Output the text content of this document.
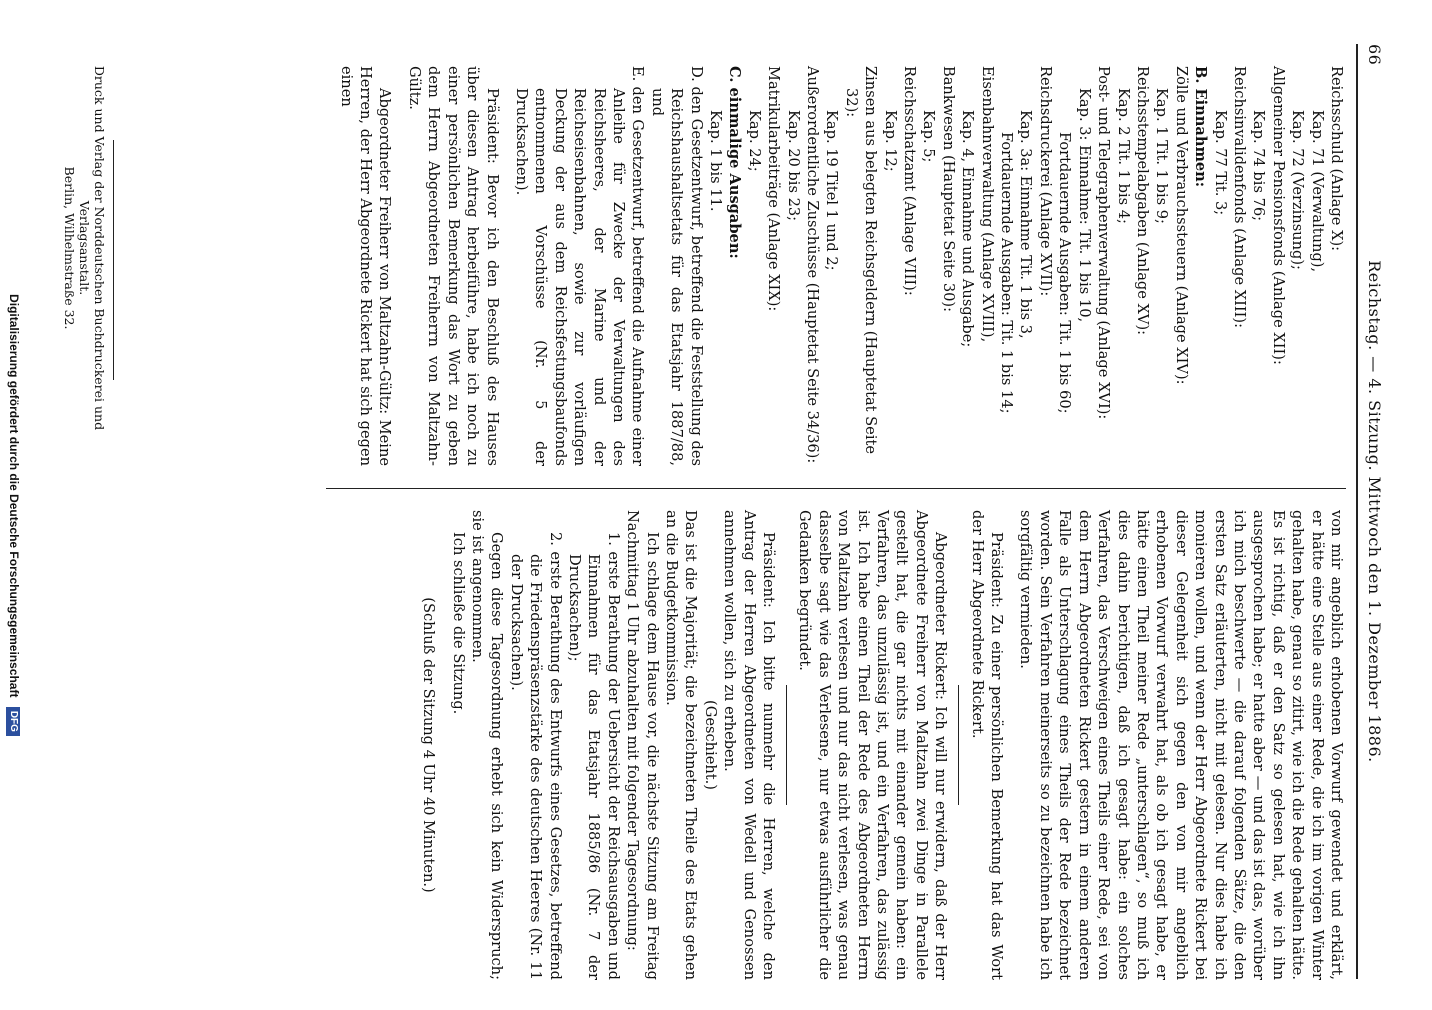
66
Reichstag. — 4. Sitzung. Mittwoch den 1. Dezember 1886.

Reichsschuld (Anlage X):

Kap. 71 (Verwaltung),

Kap. 72 (Verzinsung);

Allgemeiner Pensionsfonds (Anlage XII):

Kap. 74 bis 76;

Reichsinvalidenfonds (Anlage XIII):

Kap. 77 Tit. 3;

B. Einnahmen:

Zölle und Verbrauchssteuern (Anlage XIV):

Kap. 1 Tit. 1 bis 9;

Reichsstempelabgaben (Anlage XV):

Kap. 2 Tit. 1 bis 4;

Post- und Telegraphenverwaltung (Anlage XVI):

Kap. 3: Einnahme: Tit. 1 bis 10,

Fortdauernde Ausgaben: Tit. 1 bis 60;

Reichsdruckerei (Anlage XVII):

Kap. 3a: Einnahme Tit. 1 bis 3,

Fortdauernde Ausgaben: Tit. 1 bis 14;

Eisenbahnverwaltung (Anlage XVIII),

Kap. 4, Einnahme und Ausgabe;

Bankwesen (Hauptetat Seite 30):

Kap. 5;

Reichsschatzamt (Anlage VIII):

Kap. 12;

Zinsen aus belegten Reichsgeldern (Hauptetat Seite 32):

Kap. 19 Titel 1 und 2;

Außerordentliche Zuschüsse (Hauptetat Seite 34/36):

Kap. 20 bis 23;

Matrikularbeiträge (Anlage XIX):

Kap. 24;

C. einmalige Ausgaben:

Kap. 1 bis 11.

D. den Gesetzentwurf, betreffend die Feststellung des Reichshaushaltsetats für das Etatsjahr 1887/88, und

E. den Gesetzentwurf, betreffend die Aufnahme einer Anleihe für Zwecke der Verwaltungen des Reichsheeres, der Marine und der Reichseisenbahnen, sowie zur vorläufigen Deckung der aus dem Reichsfestungsbaufonds entnommenen Vorschüsse (Nr. 5 der Drucksachen).

Präsident: Bevor ich den Beschluß des Hauses über diesen Antrag herbeiführe, habe ich noch zu einer persönlichen Bemerkung das Wort zu geben dem Herrn Abgeordneten Freiherrn von Maltzahn-Gültz.

Abgeordneter Freiherr von Maltzahn-Gültz: Meine Herren, der Herr Abgeordnete Rickert hat sich gegen einen

von mir angeblich erhobenen Vorwurf gewendet und erklärt, er hätte eine Stelle aus einer Rede, die ich im vorigen Winter gehalten habe, genau so zitirt, wie ich die Rede gehalten hätte. Es ist richtig, daß er den Satz so gelesen hat, wie ich ihn ausgesprochen habe; er hatte aber — und das ist das, worüber ich mich beschwerte — die darauf folgenden Sätze, die den ersten Satz erläuterten, nicht mit gelesen. Nur dies habe ich monieren wollen, und wenn der Herr Abgeordnete Rickert bei dieser Gelegenheit sich gegen den von mir angeblich erhobenen Vorwurf verwahrt hat, als ob ich gesagt habe, er hätte einen Theil meiner Rede „unterschlagen“, so muß ich dies dahin berichtigen, daß ich gesagt habe: ein solches Verfahren, das Verschweigen eines Theils einer Rede, sei von dem Herrn Abgeordneten Rickert gestern in einem anderen Falle als Unterschlagung eines Theils der Rede bezeichnet worden. Sein Verfahren meinerseits so zu bezeichnen habe ich sorgfältig vermieden.

Präsident: Zu einer persönlichen Bemerkung hat das Wort der Herr Abgeordnete Rickert.

Abgeordneter Rickert: Ich will nur erwidern, daß der Herr Abgeordnete Freiherr von Maltzahn zwei Dinge in Parallele gestellt hat, die gar nichts mit einander gemein haben: ein Verfahren, das unzulässig ist, und ein Verfahren, das zulässig ist. Ich habe einen Theil der Rede des Abgeordneten Herrn von Maltzahn verlesen und nur das nicht verlesen, was genau dasselbe sagt wie das Verlesene, nur etwas ausführlicher die Gedanken begründet.

Präsident: Ich bitte nunmehr die Herren, welche den Antrag der Herren Abgeordneten von Wedell und Genossen annehmen wollen, sich zu erheben.

(Geschieht.)

Das ist die Majorität; die bezeichneten Theile des Etats gehen an die Budgetkommission.

Ich schlage dem Hause vor, die nächste Sitzung am Freitag Nachmittag 1 Uhr abzuhalten mit folgender Tagesordnung:

1. erste Berathung der Uebersicht der Reichsausgaben und Einnahmen für das Etatsjahr 1885/86 (Nr. 7 der Drucksachen);

2. erste Berathung des Entwurfs eines Gesetzes, betreffend die Friedenspräsenzstärke des deutschen Heeres (Nr. 11 der Drucksachen).

Gegen diese Tagesordnung erhebt sich kein Widerspruch; sie ist angenommen.

Ich schließe die Sitzung.

(Schluß der Sitzung 4 Uhr 40 Minuten.)

Druck und Verlag der Norddeutschen Buchdruckerei und Verlagsanstalt.
Berlin, Wilhelmstraße 32.
Digitalisierung gefördert durch die Deutsche Forschungsgemeinschaft DFG
